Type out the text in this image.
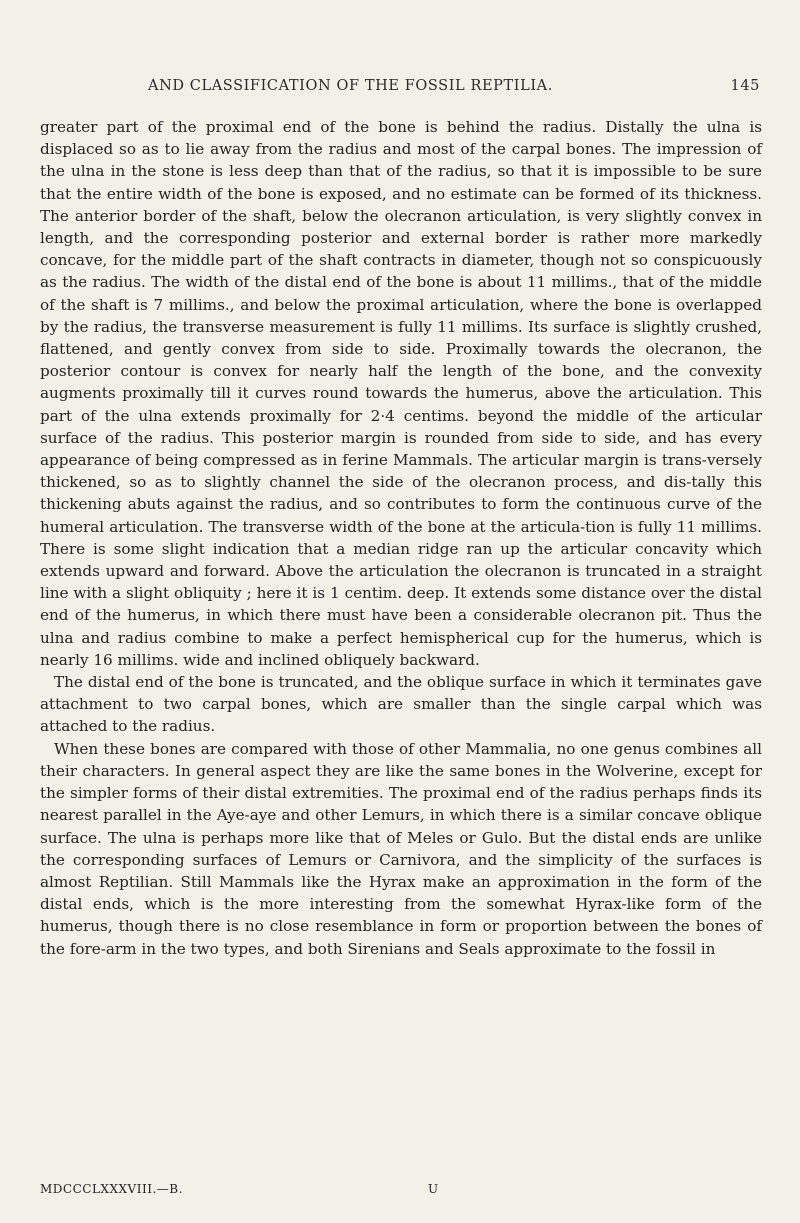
AND CLASSIFICATION OF THE FOSSIL REPTILIA.	145

greater part of the proximal end of the bone is behind the radius. Distally the ulna is displaced so as to lie away from the radius and most of the carpal bones. The impression of the ulna in the stone is less deep than that of the radius, so that it is impossible to be sure that the entire width of the bone is exposed, and no estimate can be formed of its thickness. The anterior border of the shaft, below the olecranon articulation, is very slightly convex in length, and the corresponding posterior and external border is rather more markedly concave, for the middle part of the shaft contracts in diameter, though not so conspicuously as the radius. The width of the distal end of the bone is about 11 millims., that of the middle of the shaft is 7 millims., and below the proximal articulation, where the bone is overlapped by the radius, the transverse measurement is fully 11 millims. Its surface is slightly crushed, flattened, and gently convex from side to side. Proximally towards the olecranon, the posterior contour is convex for nearly half the length of the bone, and the convexity augments proximally till it curves round towards the humerus, above the articulation. This part of the ulna extends proximally for 2·4 centims. beyond the middle of the articular surface of the radius. This posterior margin is rounded from side to side, and has every appearance of being compressed as in ferine Mammals. The articular margin is trans-versely thickened, so as to slightly channel the side of the olecranon process, and dis-tally this thickening abuts against the radius, and so contributes to form the continuous curve of the humeral articulation. The transverse width of the bone at the articula-tion is fully 11 millims. There is some slight indication that a median ridge ran up the articular concavity which extends upward and forward. Above the articulation the olecranon is truncated in a straight line with a slight obliquity ; here it is 1 centim. deep. It extends some distance over the distal end of the humerus, in which there must have been a considerable olecranon pit. Thus the ulna and radius combine to make a perfect hemispherical cup for the humerus, which is nearly 16 millims. wide and inclined obliquely backward.

The distal end of the bone is truncated, and the oblique surface in which it terminates gave attachment to two carpal bones, which are smaller than the single carpal which was attached to the radius.

When these bones are compared with those of other Mammalia, no one genus combines all their characters. In general aspect they are like the same bones in the Wolverine, except for the simpler forms of their distal extremities. The proximal end of the radius perhaps finds its nearest parallel in the Aye-aye and other Lemurs, in which there is a similar concave oblique surface. The ulna is perhaps more like that of Meles or Gulo. But the distal ends are unlike the corresponding surfaces of Lemurs or Carnivora, and the simplicity of the surfaces is almost Reptilian. Still Mammals like the Hyrax make an approximation in the form of the distal ends, which is the more interesting from the somewhat Hyrax-like form of the humerus, though there is no close resemblance in form or proportion between the bones of the fore-arm in the two types, and both Sirenians and Seals approximate to the fossil in

MDCCCLXXXVIII.—B.	U
